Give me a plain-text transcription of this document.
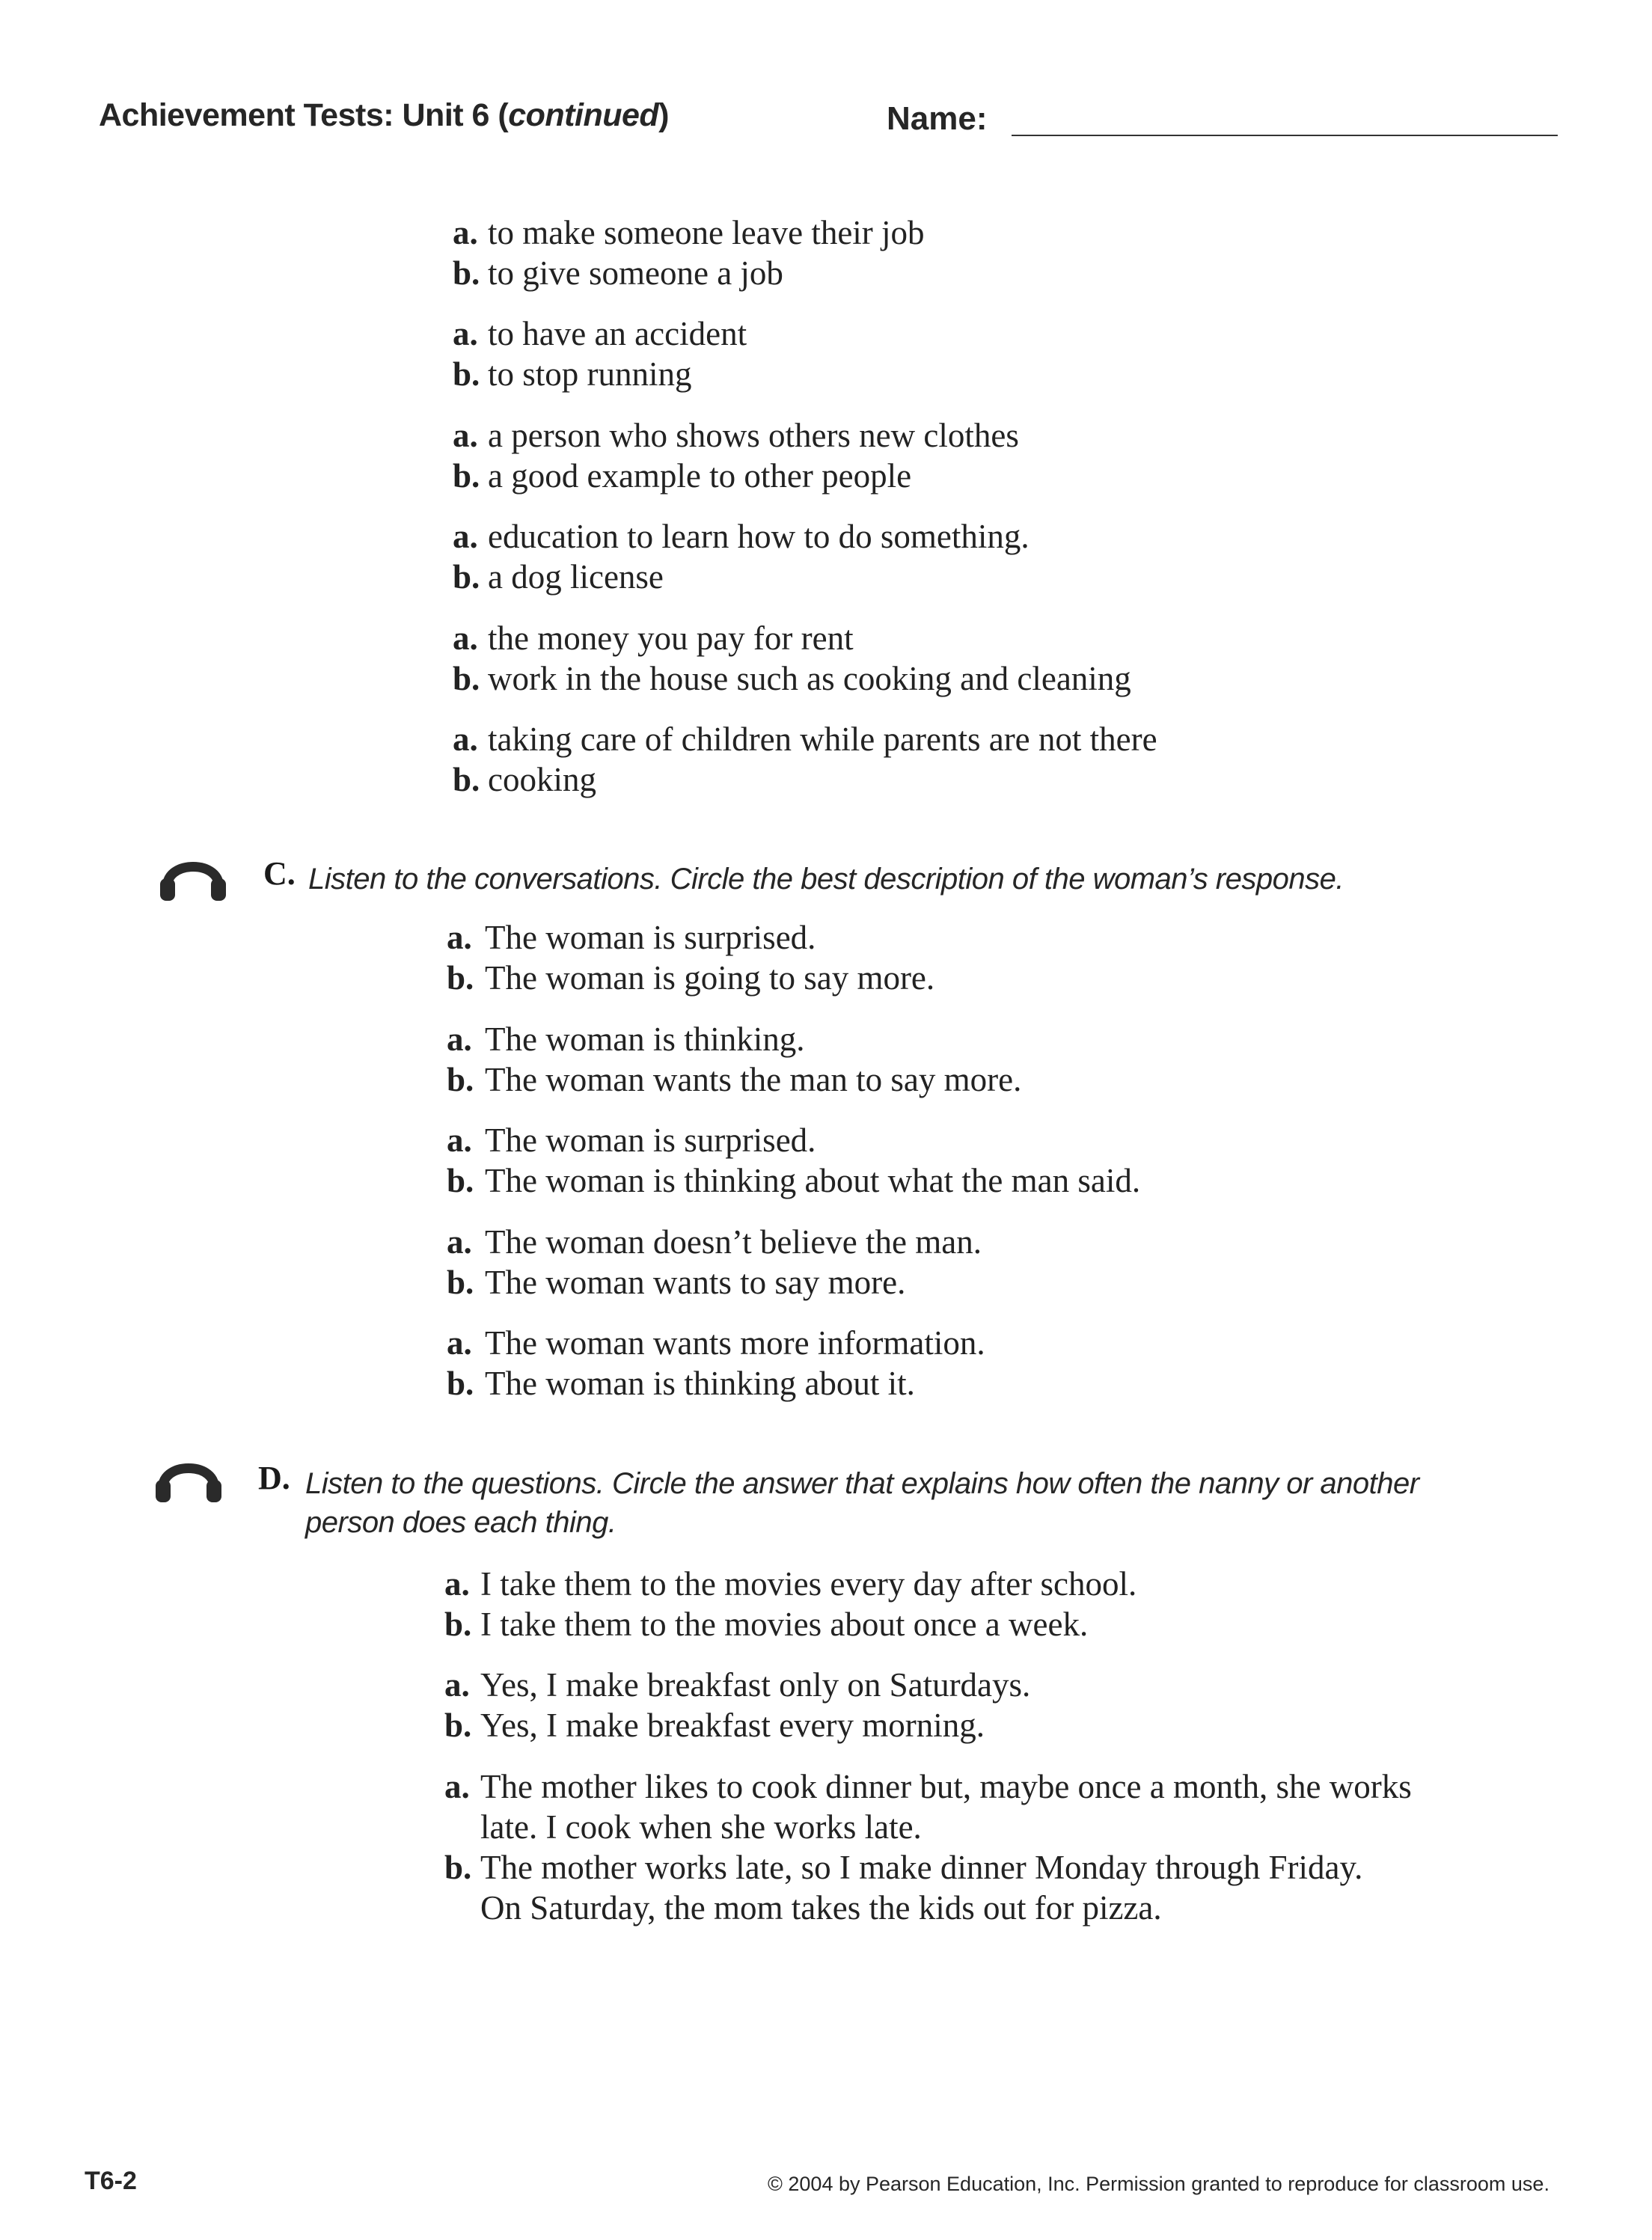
Achievement Tests: Unit 6 (continued)	Name:
a. to make someone leave their job
b. to give someone a job
a. to have an accident
b. to stop running
a. a person who shows others new clothes
b. a good example to other people
a. education to learn how to do something.
b. a dog license
a. the money you pay for rent
b. work in the house such as cooking and cleaning
a. taking care of children while parents are not there
b. cooking
C. Listen to the conversations. Circle the best description of the woman’s response.
a. The woman is surprised.
b. The woman is going to say more.
a. The woman is thinking.
b. The woman wants the man to say more.
a. The woman is surprised.
b. The woman is thinking about what the man said.
a. The woman doesn’t believe the man.
b. The woman wants to say more.
a. The woman wants more information.
b. The woman is thinking about it.
D. Listen to the questions. Circle the answer that explains how often the nanny or another
person does each thing.
a. I take them to the movies every day after school.
b. I take them to the movies about once a week.
a. Yes, I make breakfast only on Saturdays.
b. Yes, I make breakfast every morning.
a. The mother likes to cook dinner but, maybe once a month, she works
late. I cook when she works late.
b. The mother works late, so I make dinner Monday through Friday.
On Saturday, the mom takes the kids out for pizza.
T6-2	© 2004 by Pearson Education, Inc. Permission granted to reproduce for classroom use.
